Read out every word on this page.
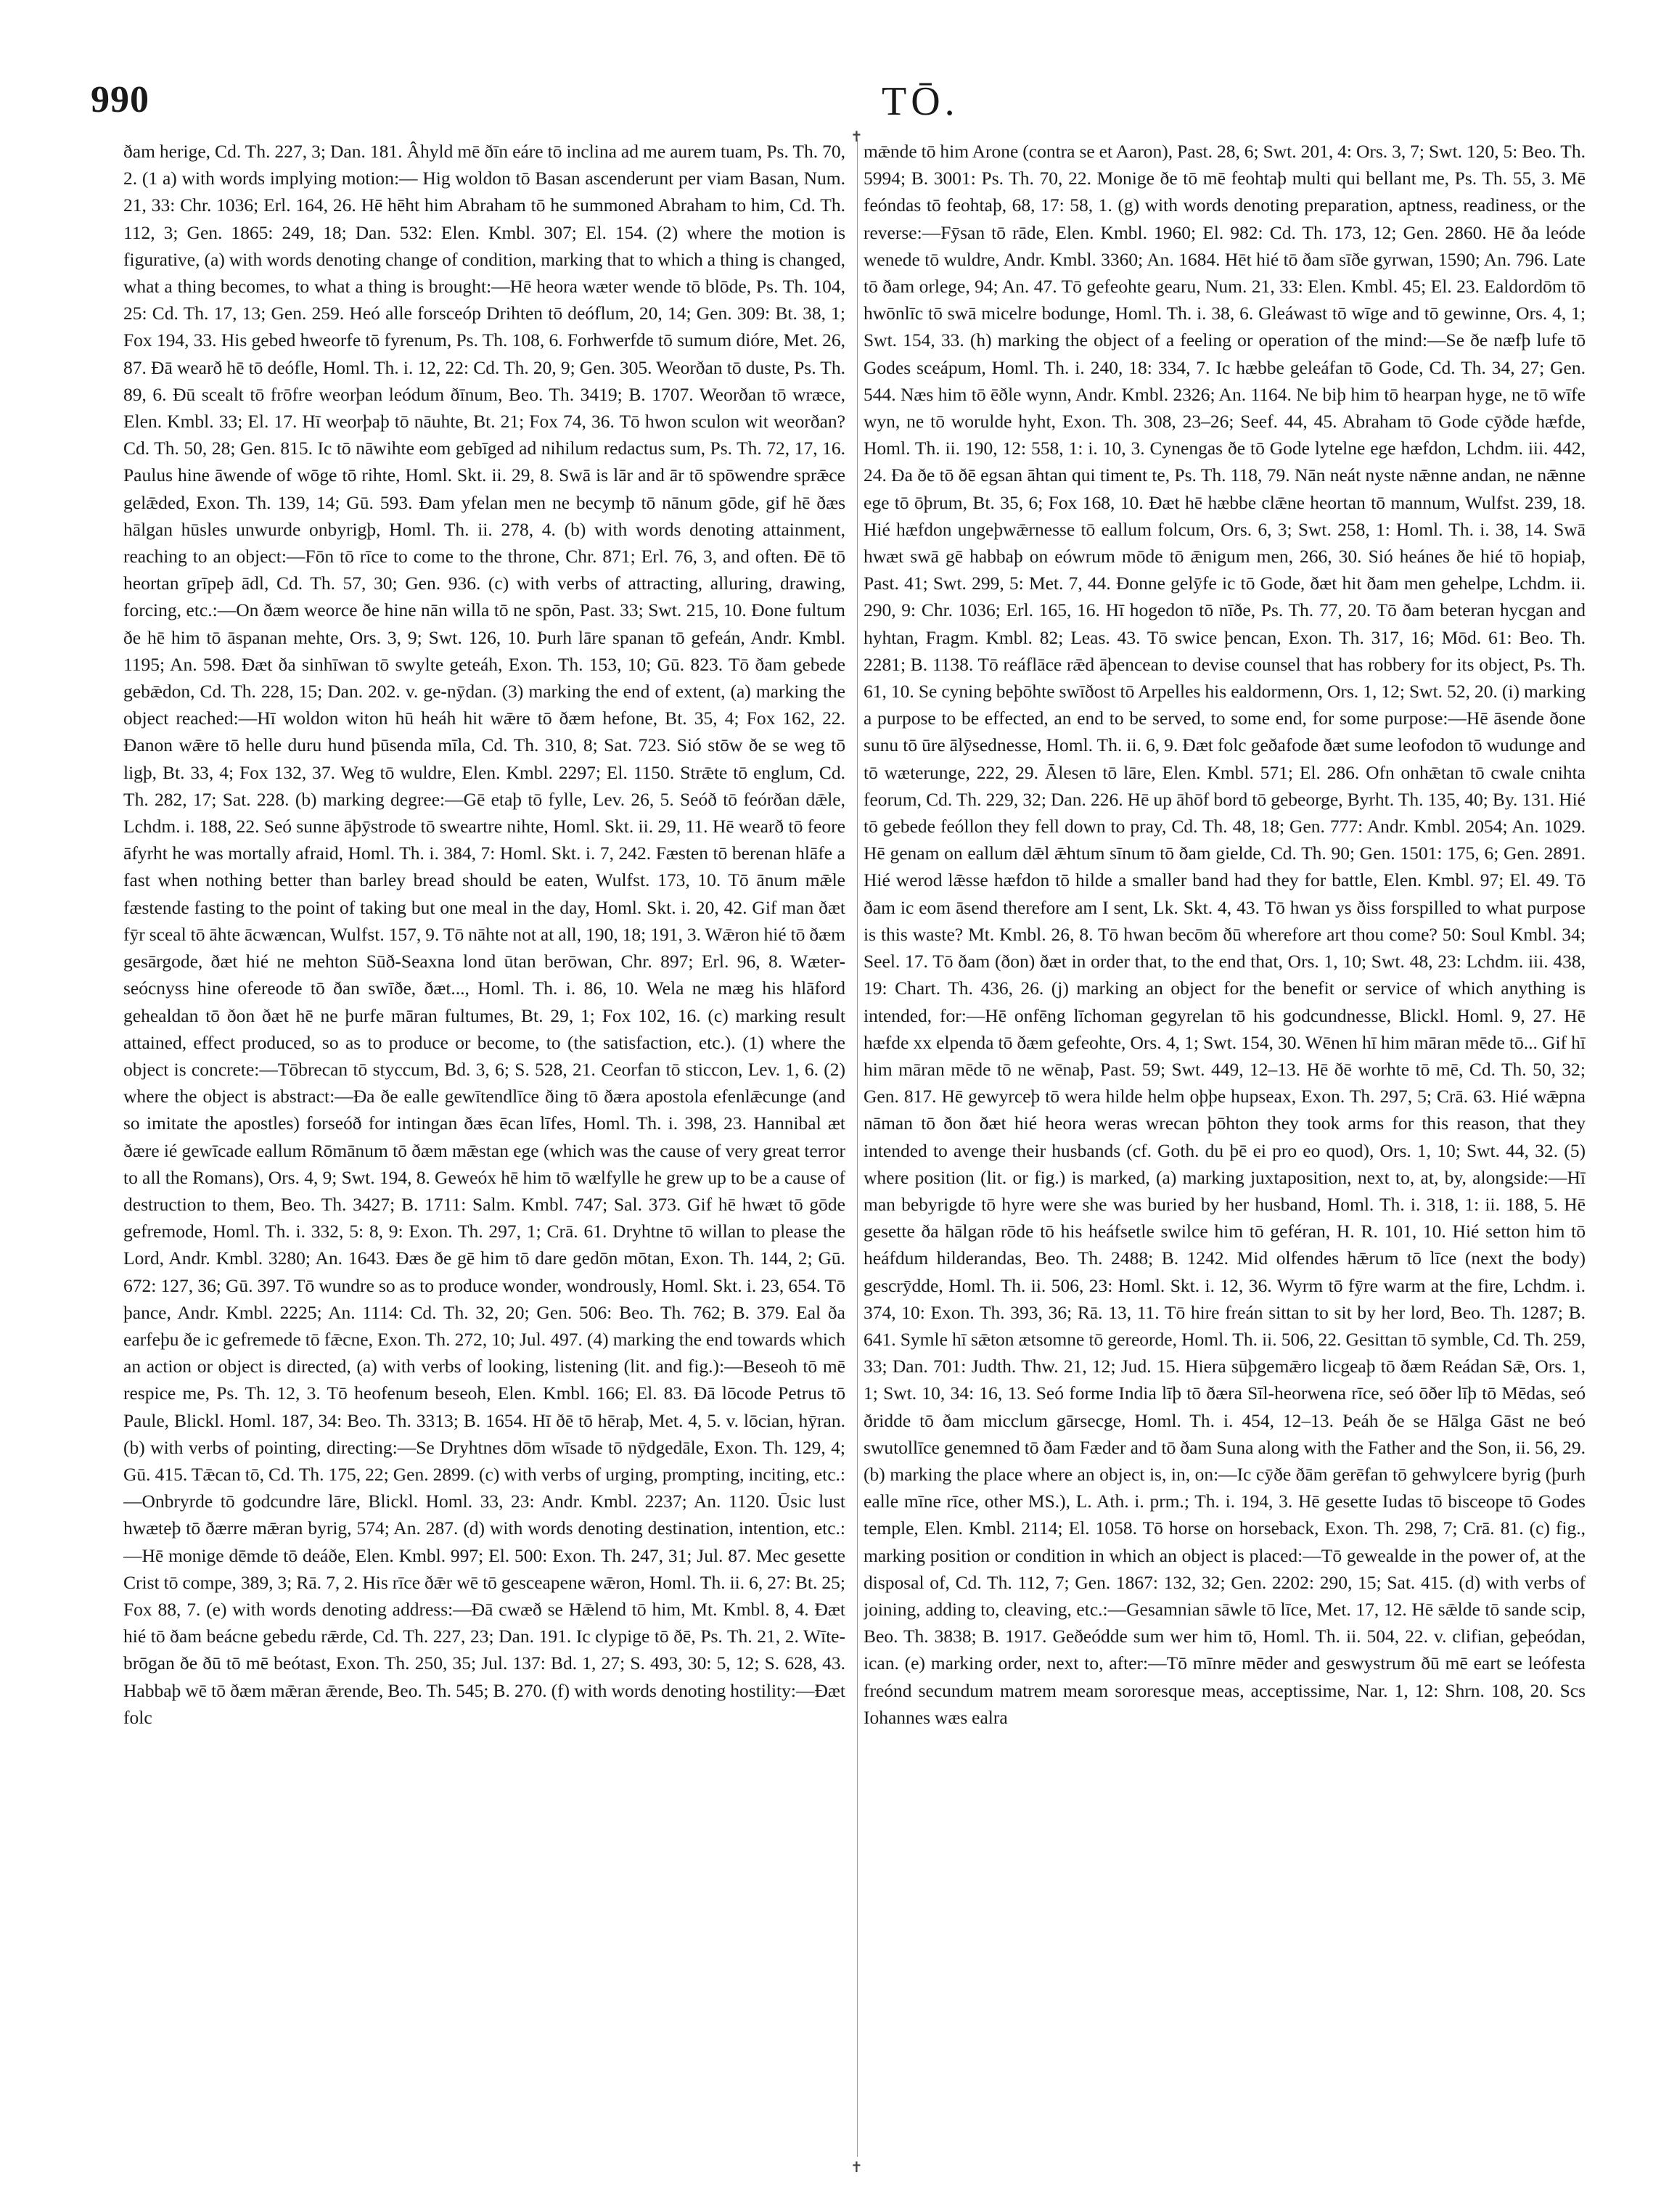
990	TŌ.
ðam herige, Cd. Th. 227, 3; Dan. 181. Âhyld mē ðīn eáre tō inclina ad me aurem tuam, Ps. Th. 70, 2. (1 a) with words implying motion:— Hig woldon tō Basan ascenderunt per viam Basan, Num. 21, 33: Chr. 1036; Erl. 164, 26. Hē hēht him Abraham tō he summoned Abraham to him, Cd. Th. 112, 3; Gen. 1865: 249, 18; Dan. 532: Elen. Kmbl. 307; El. 154. (2) where the motion is figurative, (a) with words denoting change of condition, marking that to which a thing is changed, what a thing becomes, to what a thing is brought:—Hē heora wæter wende tō blōde, Ps. Th. 104, 25: Cd. Th. 17, 13; Gen. 259. Heó alle forsceóp Drihten tō deóflum, 20, 14; Gen. 309: Bt. 38, 1; Fox 194, 33. His gebed hweorfe tō fyrenum, Ps. Th. 108, 6. Forhwerfde tō sumum dióre, Met. 26, 87. Ðā wearð hē tō deófle, Homl. Th. i. 12, 22: Cd. Th. 20, 9; Gen. 305. Weorðan tō duste, Ps. Th. 89, 6. Ðū scealt tō frōfre weorþan leódum ðīnum, Beo. Th. 3419; B. 1707. Weorðan tō wræce, Elen. Kmbl. 33; El. 17. Hī weorþaþ tō nāuhte, Bt. 21; Fox 74, 36. Tō hwon sculon wit weorðan? Cd. Th. 50, 28; Gen. 815. Ic tō nāwihte eom gebīged ad nihilum redactus sum, Ps. Th. 72, 17, 16. Paulus hine āwende of wōge tō rihte, Homl. Skt. ii. 29, 8. Swā is lār and ār tō spōwendre sprǣce gelǣded, Exon. Th. 139, 14; Gū. 593. Ðam yfelan men ne becymþ tō nānum gōde, gif hē ðæs hālgan hūsles unwurde onbyrigþ, Homl. Th. ii. 278, 4. (b) with words denoting attainment, reaching to an object:—Fōn tō rīce to come to the throne, Chr. 871; Erl. 76, 3, and often. Ðē tō heortan grīpeþ ādl, Cd. Th. 57, 30; Gen. 936. (c) with verbs of attracting, alluring, drawing, forcing, etc.:—On ðæm weorce ðe hine nān willa tō ne spōn, Past. 33; Swt. 215, 10. Ðone fultum ðe hē him tō āspanan mehte, Ors. 3, 9; Swt. 126, 10. Þurh lāre spanan tō gefeán, Andr. Kmbl. 1195; An. 598. Ðæt ða sinhīwan tō swylte geteáh, Exon. Th. 153, 10; Gū. 823. Tō ðam gebede gebǣdon, Cd. Th. 228, 15; Dan. 202. v. ge-nȳdan. (3) marking the end of extent, (a) marking the object reached:—Hī woldon witon hū heáh hit wǣre tō ðæm hefone, Bt. 35, 4; Fox 162, 22. Ðanon wǣre tō helle duru hund þūsenda mīla, Cd. Th. 310, 8; Sat. 723. Sió stōw ðe se weg tō ligþ, Bt. 33, 4; Fox 132, 37. Weg tō wuldre, Elen. Kmbl. 2297; El. 1150. Strǣte tō englum, Cd. Th. 282, 17; Sat. 228. (b) marking degree:—Gē etaþ tō fylle, Lev. 26, 5. Seóð tō feórðan dǣle, Lchdm. i. 188, 22. Seó sunne āþȳstrode tō sweartre nihte, Homl. Skt. ii. 29, 11. Hē wearð tō feore āfyrht he was mortally afraid, Homl. Th. i. 384, 7: Homl. Skt. i. 7, 242. Fæsten tō berenan hlāfe a fast when nothing better than barley bread should be eaten, Wulfst. 173, 10. Tō ānum mǣle fæstende fasting to the point of taking but one meal in the day, Homl. Skt. i. 20, 42. Gif man ðæt fȳr sceal tō āhte ācwæncan, Wulfst. 157, 9. Tō nāhte not at all, 190, 18; 191, 3. Wǣron hié tō ðæm gesārgode, ðæt hié ne mehton Sūð-Seaxna lond ūtan berōwan, Chr. 897; Erl. 96, 8. Wæter-seócnyss hine ofereode tō ðan swīðe, ðæt..., Homl. Th. i. 86, 10. Wela ne mæg his hlāford gehealdan tō ðon ðæt hē ne þurfe māran fultumes, Bt. 29, 1; Fox 102, 16. (c) marking result attained, effect produced, so as to produce or become, to (the satisfaction, etc.). (1) where the object is concrete:—Tōbrecan tō styccum, Bd. 3, 6; S. 528, 21. Ceorfan tō sticcon, Lev. 1, 6. (2) where the object is abstract:—Ða ðe ealle gewītendlīce ðing tō ðæra apostola efenlǣcunge (and so imitate the apostles) forseóð for intingan ðæs ēcan līfes, Homl. Th. i. 398, 23. Hannibal æt ðære ié gewīcade eallum Rōmānum tō ðæm mǣstan ege (which was the cause of very great terror to all the Romans), Ors. 4, 9; Swt. 194, 8. Geweóx hē him tō wælfylle he grew up to be a cause of destruction to them, Beo. Th. 3427; B. 1711: Salm. Kmbl. 747; Sal. 373. Gif hē hwæt tō gōde gefremode, Homl. Th. i. 332, 5: 8, 9: Exon. Th. 297, 1; Crā. 61. Dryhtne tō willan to please the Lord, Andr. Kmbl. 3280; An. 1643. Ðæs ðe gē him tō dare gedōn mōtan, Exon. Th. 144, 2; Gū. 672: 127, 36; Gū. 397. Tō wundre so as to produce wonder, wondrously, Homl. Skt. i. 23, 654. Tō þance, Andr. Kmbl. 2225; An. 1114: Cd. Th. 32, 20; Gen. 506: Beo. Th. 762; B. 379. Eal ða earfeþu ðe ic gefremede tō fǣcne, Exon. Th. 272, 10; Jul. 497. (4) marking the end towards which an action or object is directed, (a) with verbs of looking, listening (lit. and fig.):—Beseoh tō mē respice me, Ps. Th. 12, 3. Tō heofenum beseoh, Elen. Kmbl. 166; El. 83. Ðā lōcode Petrus tō Paule, Blickl. Homl. 187, 34: Beo. Th. 3313; B. 1654. Hī ðē tō hēraþ, Met. 4, 5. v. lōcian, hȳran. (b) with verbs of pointing, directing:—Se Dryhtnes dōm wīsade tō nȳdgedāle, Exon. Th. 129, 4; Gū. 415. Tǣcan tō, Cd. Th. 175, 22; Gen. 2899. (c) with verbs of urging, prompting, inciting, etc.:—Onbryrde tō godcundre lāre, Blickl. Homl. 33, 23: Andr. Kmbl. 2237; An. 1120. Ūsic lust hwæteþ tō ðærre mǣran byrig, 574; An. 287. (d) with words denoting destination, intention, etc.:—Hē monige dēmde tō deáðe, Elen. Kmbl. 997; El. 500: Exon. Th. 247, 31; Jul. 87. Mec gesette Crist tō compe, 389, 3; Rā. 7, 2. His rīce ðǣr wē tō gesceapene wǣron, Homl. Th. ii. 6, 27: Bt. 25; Fox 88, 7. (e) with words denoting address:—Ðā cwæð se Hǣlend tō him, Mt. Kmbl. 8, 4. Ðæt hié tō ðam beácne gebedu rǣrde, Cd. Th. 227, 23; Dan. 191. Ic clypige tō ðē, Ps. Th. 21, 2. Wīte-brōgan ðe ðū tō mē beótast, Exon. Th. 250, 35; Jul. 137: Bd. 1, 27; S. 493, 30: 5, 12; S. 628, 43. Habbaþ wē tō ðæm mǣran ǣrende, Beo. Th. 545; B. 270. (f) with words denoting hostility:—Ðæt folc
✝
✝
mǣnde tō him Arone (contra se et Aaron), Past. 28, 6; Swt. 201, 4: Ors. 3, 7; Swt. 120, 5: Beo. Th. 5994; B. 3001: Ps. Th. 70, 22. Monige ðe tō mē feohtaþ multi qui bellant me, Ps. Th. 55, 3. Mē feóndas tō feohtaþ, 68, 17: 58, 1. (g) with words denoting preparation, aptness, readiness, or the reverse:—Fȳsan tō rāde, Elen. Kmbl. 1960; El. 982: Cd. Th. 173, 12; Gen. 2860. Hē ða leóde wenede tō wuldre, Andr. Kmbl. 3360; An. 1684. Hēt hié tō ðam sīðe gyrwan, 1590; An. 796. Late tō ðam orlege, 94; An. 47. Tō gefeohte gearu, Num. 21, 33: Elen. Kmbl. 45; El. 23. Ealdordōm tō hwōnlīc tō swā micelre bodunge, Homl. Th. i. 38, 6. Gleáwast tō wīge and tō gewinne, Ors. 4, 1; Swt. 154, 33. (h) marking the object of a feeling or operation of the mind:—Se ðe næfþ lufe tō Godes sceápum, Homl. Th. i. 240, 18: 334, 7. Ic hæbbe geleáfan tō Gode, Cd. Th. 34, 27; Gen. 544. Næs him tō ēðle wynn, Andr. Kmbl. 2326; An. 1164. Ne biþ him tō hearpan hyge, ne tō wīfe wyn, ne tō worulde hyht, Exon. Th. 308, 23–26; Seef. 44, 45. Abraham tō Gode cȳðde hæfde, Homl. Th. ii. 190, 12: 558, 1: i. 10, 3. Cynengas ðe tō Gode lytelne ege hæfdon, Lchdm. iii. 442, 24. Ða ðe tō ðē egsan āhtan qui timent te, Ps. Th. 118, 79. Nān neát nyste nǣnne andan, ne nǣnne ege tō ōþrum, Bt. 35, 6; Fox 168, 10. Ðæt hē hæbbe clǣne heortan tō mannum, Wulfst. 239, 18. Hié hæfdon ungeþwǣrnesse tō eallum folcum, Ors. 6, 3; Swt. 258, 1: Homl. Th. i. 38, 14. Swā hwæt swā gē habbaþ on eówrum mōde tō ǣnigum men, 266, 30. Sió heánes ðe hié tō hopiaþ, Past. 41; Swt. 299, 5: Met. 7, 44. Ðonne gelȳfe ic tō Gode, ðæt hit ðam men gehelpe, Lchdm. ii. 290, 9: Chr. 1036; Erl. 165, 16. Hī hogedon tō nīðe, Ps. Th. 77, 20. Tō ðam beteran hycgan and hyhtan, Fragm. Kmbl. 82; Leas. 43. Tō swice þencan, Exon. Th. 317, 16; Mōd. 61: Beo. Th. 2281; B. 1138. Tō reáflāce rǣd āþencean to devise counsel that has robbery for its object, Ps. Th. 61, 10. Se cyning beþōhte swīðost tō Arpelles his ealdormenn, Ors. 1, 12; Swt. 52, 20. (i) marking a purpose to be effected, an end to be served, to some end, for some purpose:—Hē āsende ðone sunu tō ūre ālȳsednesse, Homl. Th. ii. 6, 9. Ðæt folc geðafode ðæt sume leofodon tō wudunge and tō wæterunge, 222, 29. Ālesen tō lāre, Elen. Kmbl. 571; El. 286. Ofn onhǣtan tō cwale cnihta feorum, Cd. Th. 229, 32; Dan. 226. Hē up āhōf bord tō gebeorge, Byrht. Th. 135, 40; By. 131. Hié tō gebede feóllon they fell down to pray, Cd. Th. 48, 18; Gen. 777: Andr. Kmbl. 2054; An. 1029. Hē genam on eallum dǣl ǣhtum sīnum tō ðam gielde, Cd. Th. 90; Gen. 1501: 175, 6; Gen. 2891. Hié werod lǣsse hæfdon tō hilde a smaller band had they for battle, Elen. Kmbl. 97; El. 49. Tō ðam ic eom āsend therefore am I sent, Lk. Skt. 4, 43. Tō hwan ys ðiss forspilled to what purpose is this waste? Mt. Kmbl. 26, 8. Tō hwan becōm ðū wherefore art thou come? 50: Soul Kmbl. 34; Seel. 17. Tō ðam (ðon) ðæt in order that, to the end that, Ors. 1, 10; Swt. 48, 23: Lchdm. iii. 438, 19: Chart. Th. 436, 26. (j) marking an object for the benefit or service of which anything is intended, for:—Hē onfēng līchoman gegyrelan tō his godcundnesse, Blickl. Homl. 9, 27. Hē hæfde xx elpenda tō ðæm gefeohte, Ors. 4, 1; Swt. 154, 30. Wēnen hī him māran mēde tō... Gif hī him māran mēde tō ne wēnaþ, Past. 59; Swt. 449, 12–13. Hē ðē worhte tō mē, Cd. Th. 50, 32; Gen. 817. Hē gewyrceþ tō wera hilde helm oþþe hupseax, Exon. Th. 297, 5; Crā. 63. Hié wǣpna nāman tō ðon ðæt hié heora weras wrecan þōhton they took arms for this reason, that they intended to avenge their husbands (cf. Goth. du þē ei pro eo quod), Ors. 1, 10; Swt. 44, 32. (5) where position (lit. or fig.) is marked, (a) marking juxtaposition, next to, at, by, alongside:—Hī man bebyrigde tō hyre were she was buried by her husband, Homl. Th. i. 318, 1: ii. 188, 5. Hē gesette ða hālgan rōde tō his heáfsetle swilce him tō geféran, H. R. 101, 10. Hié setton him tō heáfdum hilderandas, Beo. Th. 2488; B. 1242. Mid olfendes hǣrum tō līce (next the body) gescrȳdde, Homl. Th. ii. 506, 23: Homl. Skt. i. 12, 36. Wyrm tō fȳre warm at the fire, Lchdm. i. 374, 10: Exon. Th. 393, 36; Rā. 13, 11. Tō hire freán sittan to sit by her lord, Beo. Th. 1287; B. 641. Symle hī sǣton ætsomne tō gereorde, Homl. Th. ii. 506, 22. Gesittan tō symble, Cd. Th. 259, 33; Dan. 701: Judth. Thw. 21, 12; Jud. 15. Hiera sūþgemǣro licgeaþ tō ðæm Reádan Sǣ, Ors. 1, 1; Swt. 10, 34: 16, 13. Seó forme India līþ tō ðæra Sīl-heorwena rīce, seó ōðer līþ tō Mēdas, seó ðridde tō ðam micclum gārsecge, Homl. Th. i. 454, 12–13. Þeáh ðe se Hālga Gāst ne beó swutollīce genemned tō ðam Fæder and tō ðam Suna along with the Father and the Son, ii. 56, 29. (b) marking the place where an object is, in, on:—Ic cȳðe ðām gerēfan tō gehwylcere byrig (þurh ealle mīne rīce, other MS.), L. Ath. i. prm.; Th. i. 194, 3. Hē gesette Iudas tō bisceope tō Godes temple, Elen. Kmbl. 2114; El. 1058. Tō horse on horseback, Exon. Th. 298, 7; Crā. 81. (c) fig., marking position or condition in which an object is placed:—Tō gewealde in the power of, at the disposal of, Cd. Th. 112, 7; Gen. 1867: 132, 32; Gen. 2202: 290, 15; Sat. 415. (d) with verbs of joining, adding to, cleaving, etc.:—Gesamnian sāwle tō līce, Met. 17, 12. Hē sǣlde tō sande scip, Beo. Th. 3838; B. 1917. Geðeódde sum wer him tō, Homl. Th. ii. 504, 22. v. clifian, geþeódan, ican. (e) marking order, next to, after:—Tō mīnre mēder and geswystrum ðū mē eart se leófesta freónd secundum matrem meam sororesque meas, acceptissime, Nar. 1, 12: Shrn. 108, 20. Scs Iohannes wæs ealra
